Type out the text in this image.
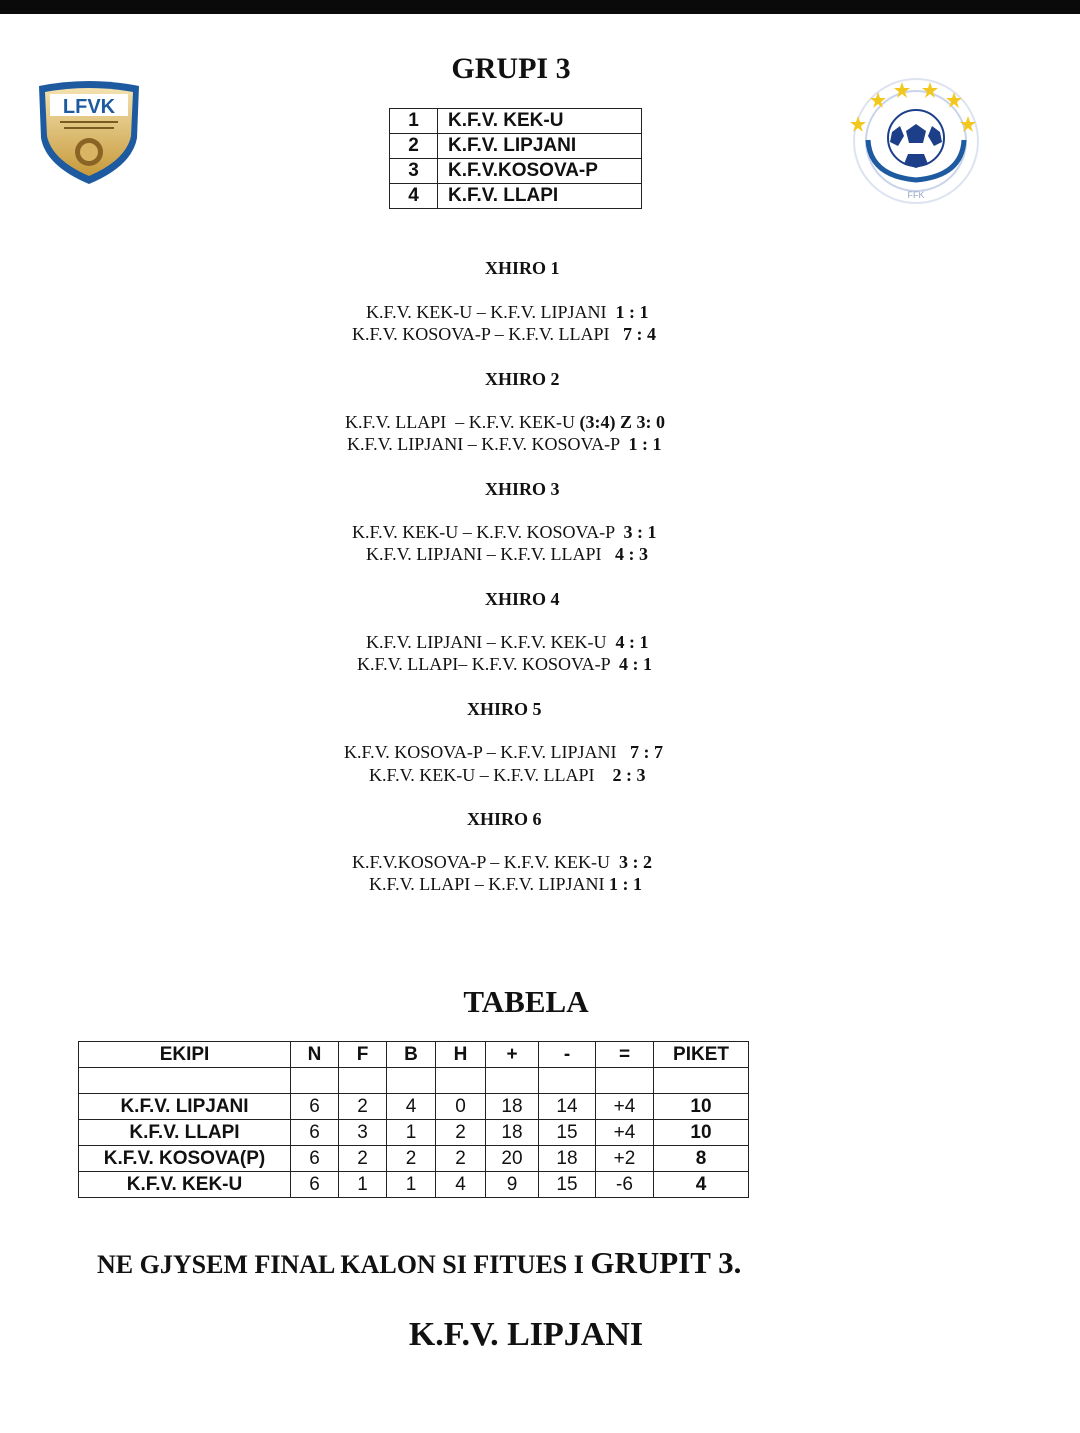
GRUPI 3
LFVK
FFK
1	K.F.V. KEK-U
2	K.F.V. LIPJANI
3	K.F.V.KOSOVA-P
4	K.F.V. LLAPI
XHIRO 1
K.F.V. KEK-U – K.F.V. LIPJANI 1 : 1
K.F.V. KOSOVA-P – K.F.V. LLAPI 7 : 4
XHIRO 2
K.F.V. LLAPI  – K.F.V. KEK-U (3:4) Z 3: 0
K.F.V. LIPJANI – K.F.V. KOSOVA-P 1 : 1
XHIRO 3
K.F.V. KEK-U – K.F.V. KOSOVA-P 3 : 1
K.F.V. LIPJANI – K.F.V. LLAPI 4 : 3
XHIRO 4
K.F.V. LIPJANI – K.F.V. KEK-U 4 : 1
K.F.V. LLAPI– K.F.V. KOSOVA-P 4 : 1
XHIRO 5
K.F.V. KOSOVA-P – K.F.V. LIPJANI 7 : 7
K.F.V. KEK-U – K.F.V. LLAPI 2 : 3
XHIRO 6
K.F.V.KOSOVA-P – K.F.V. KEK-U 3 : 2
K.F.V. LLAPI – K.F.V. LIPJANI 1 : 1
TABELA
EKIPI	N	F	B	H	+	-	=	PIKET

K.F.V. LIPJANI	6	2	4	0	18	14	+4	10
K.F.V. LLAPI	6	3	1	2	18	15	+4	10
K.F.V. KOSOVA(P)	6	2	2	2	20	18	+2	8
K.F.V. KEK-U	6	1	1	4	9	15	-6	4
NE GJYSEM FINAL KALON SI FITUES I GRUPIT 3.
K.F.V. LIPJANI
